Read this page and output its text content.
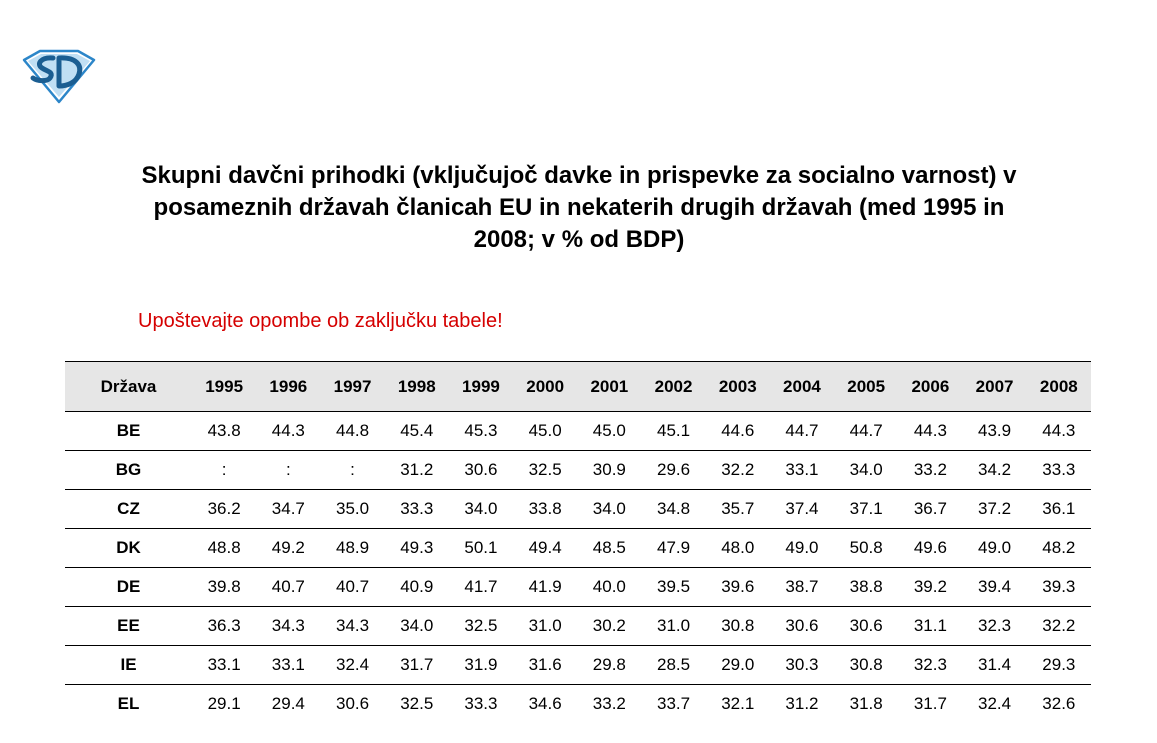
Skupni davčni prihodki (vključujoč davke in prispevke za socialno varnost) v posameznih državah članicah EU in nekaterih drugih državah (med 1995 in 2008; v % od BDP)

Upoštevajte opombe ob zaključku tabele!

Država	1995	1996	1997	1998	1999	2000	2001	2002	2003	2004	2005	2006	2007	2008
BE	43.8	44.3	44.8	45.4	45.3	45.0	45.0	45.1	44.6	44.7	44.7	44.3	43.9	44.3
BG	:	:	:	31.2	30.6	32.5	30.9	29.6	32.2	33.1	34.0	33.2	34.2	33.3
CZ	36.2	34.7	35.0	33.3	34.0	33.8	34.0	34.8	35.7	37.4	37.1	36.7	37.2	36.1
DK	48.8	49.2	48.9	49.3	50.1	49.4	48.5	47.9	48.0	49.0	50.8	49.6	49.0	48.2
DE	39.8	40.7	40.7	40.9	41.7	41.9	40.0	39.5	39.6	38.7	38.8	39.2	39.4	39.3
EE	36.3	34.3	34.3	34.0	32.5	31.0	30.2	31.0	30.8	30.6	30.6	31.1	32.3	32.2
IE	33.1	33.1	32.4	31.7	31.9	31.6	29.8	28.5	29.0	30.3	30.8	32.3	31.4	29.3
EL	29.1	29.4	30.6	32.5	33.3	34.6	33.2	33.7	32.1	31.2	31.8	31.7	32.4	32.6
